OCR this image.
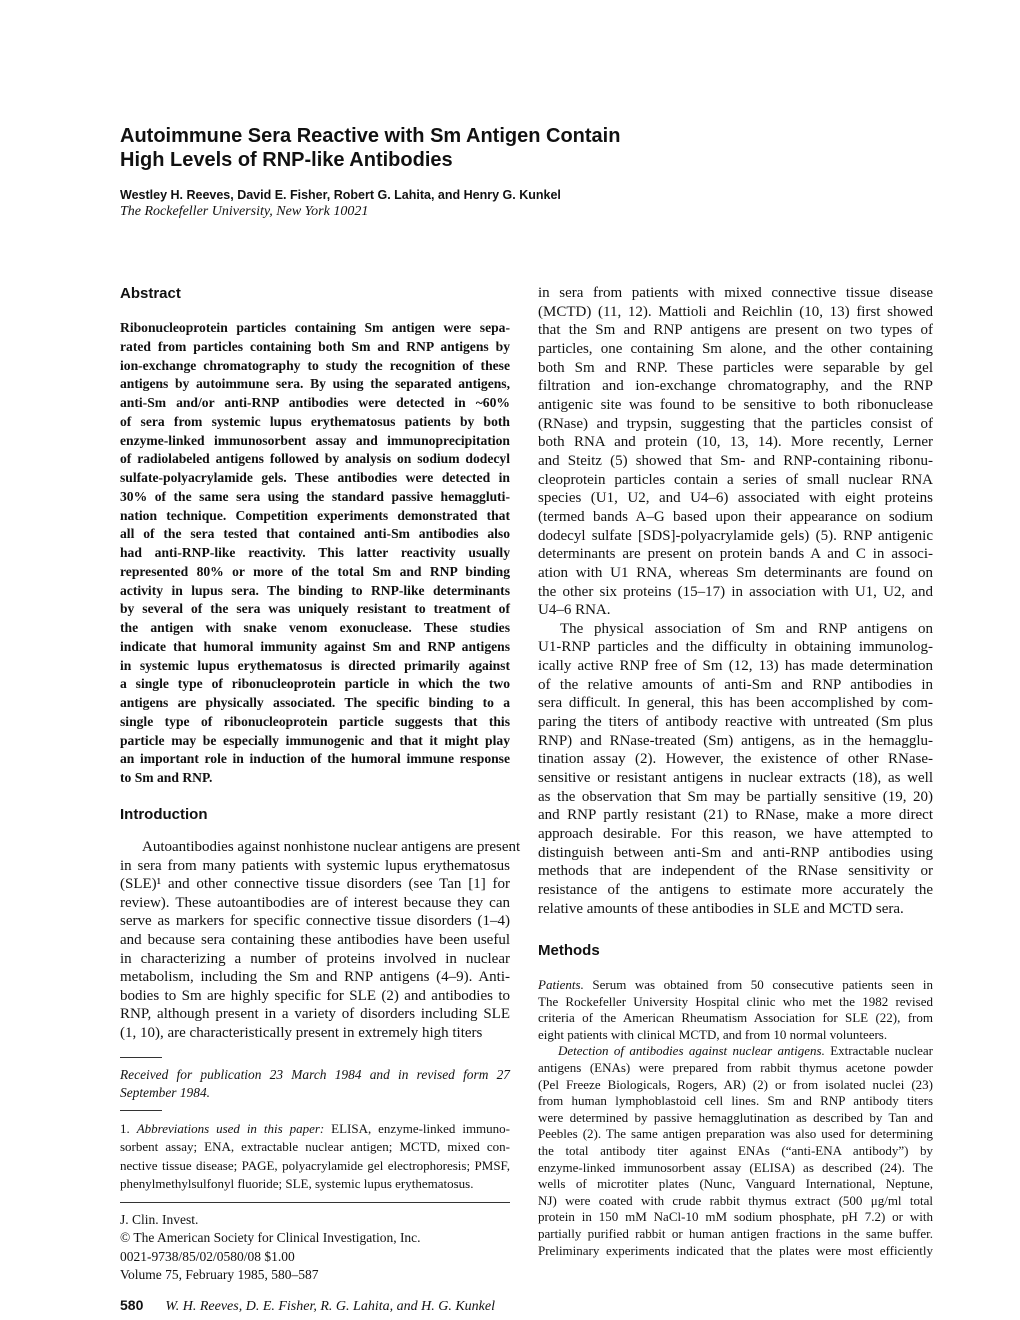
Autoimmune Sera Reactive with Sm Antigen Contain
High Levels of RNP-like Antibodies
Westley H. Reeves, David E. Fisher, Robert G. Lahita, and Henry G. Kunkel
The Rockefeller University, New York 10021
Abstract
Ribonucleoprotein particles containing Sm antigen were sepa-
rated from particles containing both Sm and RNP antigens by
ion-exchange chromatography to study the recognition of these
antigens by autoimmune sera. By using the separated antigens,
anti-Sm and/or anti-RNP antibodies were detected in ~60%
of sera from systemic lupus erythematosus patients by both
enzyme-linked immunosorbent assay and immunoprecipitation
of radiolabeled antigens followed by analysis on sodium dodecyl
sulfate-polyacrylamide gels. These antibodies were detected in
30% of the same sera using the standard passive hemaggluti-
nation technique. Competition experiments demonstrated that
all of the sera tested that contained anti-Sm antibodies also
had anti-RNP-like reactivity. This latter reactivity usually
represented 80% or more of the total Sm and RNP binding
activity in lupus sera. The binding to RNP-like determinants
by several of the sera was uniquely resistant to treatment of
the antigen with snake venom exonuclease. These studies
indicate that humoral immunity against Sm and RNP antigens
in systemic lupus erythematosus is directed primarily against
a single type of ribonucleoprotein particle in which the two
antigens are physically associated. The specific binding to a
single type of ribonucleoprotein particle suggests that this
particle may be especially immunogenic and that it might play
an important role in induction of the humoral immune response
to Sm and RNP.
Introduction
Autoantibodies against nonhistone nuclear antigens are present
in sera from many patients with systemic lupus erythematosus
(SLE)¹ and other connective tissue disorders (see Tan [1] for
review). These autoantibodies are of interest because they can
serve as markers for specific connective tissue disorders (1–4)
and because sera containing these antibodies have been useful
in characterizing a number of proteins involved in nuclear
metabolism, including the Sm and RNP antigens (4–9). Anti-
bodies to Sm are highly specific for SLE (2) and antibodies to
RNP, although present in a variety of disorders including SLE
(1, 10), are characteristically present in extremely high titers
Received for publication 23 March 1984 and in revised form 27
September 1984.
1. Abbreviations used in this paper: ELISA, enzyme-linked immuno-
sorbent assay; ENA, extractable nuclear antigen; MCTD, mixed con-
nective tissue disease; PAGE, polyacrylamide gel electrophoresis; PMSF,
phenylmethylsulfonyl fluoride; SLE, systemic lupus erythematosus.
J. Clin. Invest.
© The American Society for Clinical Investigation, Inc.
0021-9738/85/02/0580/08 $1.00
Volume 75, February 1985, 580–587
580 W. H. Reeves, D. E. Fisher, R. G. Lahita, and H. G. Kunkel
in sera from patients with mixed connective tissue disease
(MCTD) (11, 12). Mattioli and Reichlin (10, 13) first showed
that the Sm and RNP antigens are present on two types of
particles, one containing Sm alone, and the other containing
both Sm and RNP. These particles were separable by gel
filtration and ion-exchange chromatography, and the RNP
antigenic site was found to be sensitive to both ribonuclease
(RNase) and trypsin, suggesting that the particles consist of
both RNA and protein (10, 13, 14). More recently, Lerner
and Steitz (5) showed that Sm- and RNP-containing ribonu-
cleoprotein particles contain a series of small nuclear RNA
species (U1, U2, and U4–6) associated with eight proteins
(termed bands A–G based upon their appearance on sodium
dodecyl sulfate [SDS]-polyacrylamide gels) (5). RNP antigenic
determinants are present on protein bands A and C in associ-
ation with U1 RNA, whereas Sm determinants are found on
the other six proteins (15–17) in association with U1, U2, and
U4–6 RNA.
The physical association of Sm and RNP antigens on
U1-RNP particles and the difficulty in obtaining immunolog-
ically active RNP free of Sm (12, 13) has made determination
of the relative amounts of anti-Sm and RNP antibodies in
sera difficult. In general, this has been accomplished by com-
paring the titers of antibody reactive with untreated (Sm plus
RNP) and RNase-treated (Sm) antigens, as in the hemagglu-
tination assay (2). However, the existence of other RNase-
sensitive or resistant antigens in nuclear extracts (18), as well
as the observation that Sm may be partially sensitive (19, 20)
and RNP partly resistant (21) to RNase, make a more direct
approach desirable. For this reason, we have attempted to
distinguish between anti-Sm and anti-RNP antibodies using
methods that are independent of the RNase sensitivity or
resistance of the antigens to estimate more accurately the
relative amounts of these antibodies in SLE and MCTD sera.
Methods
Patients. Serum was obtained from 50 consecutive patients seen in
The Rockefeller University Hospital clinic who met the 1982 revised
criteria of the American Rheumatism Association for SLE (22), from
eight patients with clinical MCTD, and from 10 normal volunteers.
Detection of antibodies against nuclear antigens. Extractable nuclear
antigens (ENAs) were prepared from rabbit thymus acetone powder
(Pel Freeze Biologicals, Rogers, AR) (2) or from isolated nuclei (23)
from human lymphoblastoid cell lines. Sm and RNP antibody titers
were determined by passive hemagglutination as described by Tan and
Peebles (2). The same antigen preparation was also used for determining
the total antibody titer against ENAs (“anti-ENA antibody”) by
enzyme-linked immunosorbent assay (ELISA) as described (24). The
wells of microtiter plates (Nunc, Vanguard International, Neptune,
NJ) were coated with crude rabbit thymus extract (500 μg/ml total
protein in 150 mM NaCl-10 mM sodium phosphate, pH 7.2) or with
partially purified rabbit or human antigen fractions in the same buffer.
Preliminary experiments indicated that the plates were most efficiently
